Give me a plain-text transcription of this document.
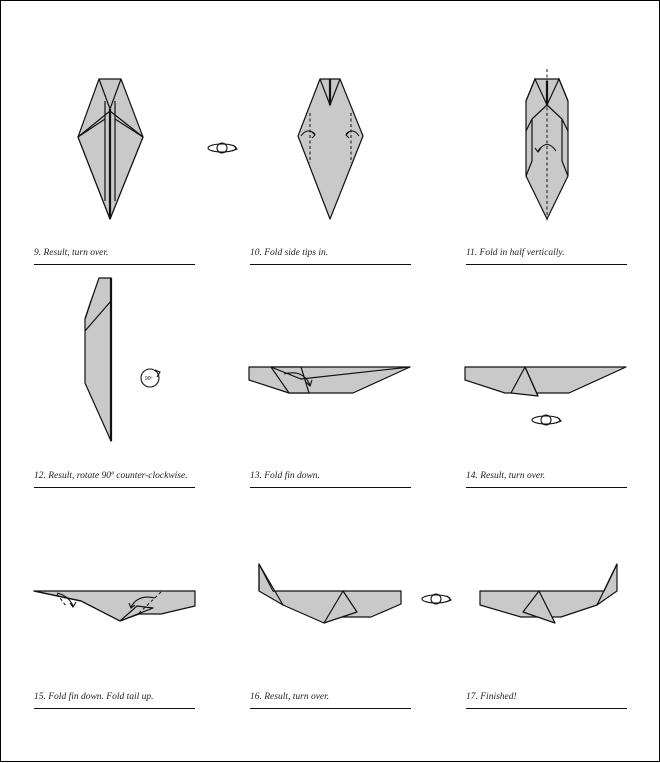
90º
9. Result, turn over.	10. Fold side tips in.	11. Fold in half vertically.
12. Result, rotate 90º counter-clockwise.	13. Fold fin down.	14. Result, turn over.
15. Fold fin down. Fold tail up.	16. Result, turn over.	17. Finished!
